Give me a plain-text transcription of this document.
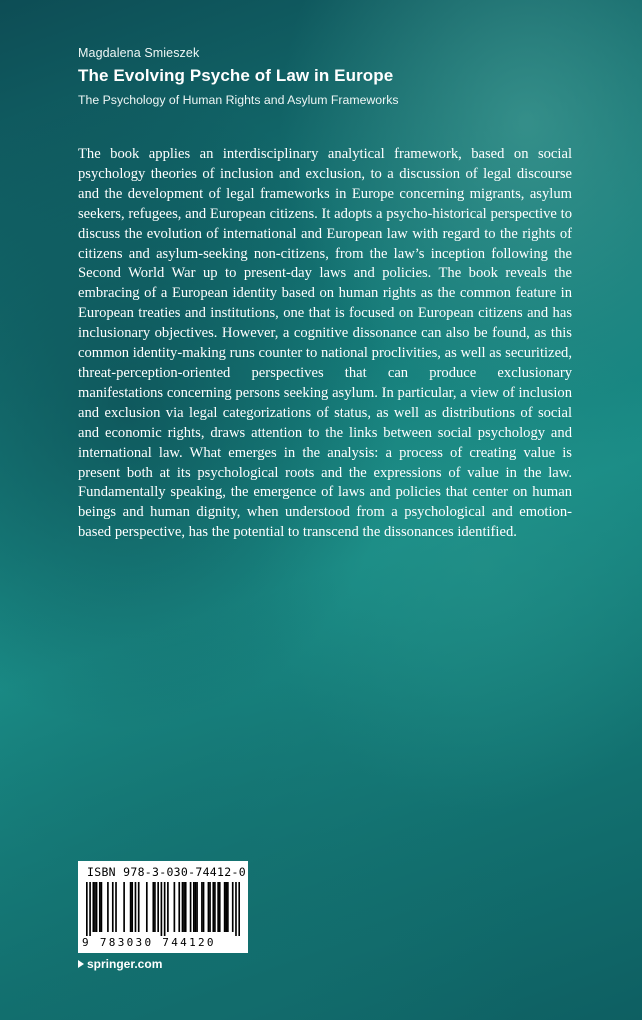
Magdalena Smieszek
The Evolving Psyche of Law in Europe
The Psychology of Human Rights and Asylum Frameworks

The book applies an interdisciplinary analytical framework, based on social psychology theories of inclusion and exclusion, to a discussion of legal discourse and the development of legal frameworks in Europe concerning migrants, asylum seekers, refugees, and European citizens. It adopts a psycho-historical perspective to discuss the evolution of international and European law with regard to the rights of citizens and asylum-seeking non-citizens, from the law’s inception following the Second World War up to present-day laws and policies. The book reveals the embracing of a European identity based on human rights as the common feature in European treaties and institutions, one that is focused on European citizens and has inclusionary objectives. However, a cognitive dissonance can also be found, as this common identity-making runs counter to national proclivities, as well as securitized, threat-perception-oriented perspectives that can produce exclusionary manifestations concerning persons seeking asylum. In particular, a view of inclusion and exclusion via legal categorizations of status, as well as distributions of social and economic rights, draws attention to the links between social psychology and international law. What emerges in the analysis: a process of creating value is present both at its psychological roots and the expressions of value in the law. Fundamentally speaking, the emergence of laws and policies that center on human beings and human dignity, when understood from a psychological and emotion-based perspective, has the potential to transcend the dissonances identified.

ISBN 978-3-030-74412-0
9 783030 744120
springer.com
